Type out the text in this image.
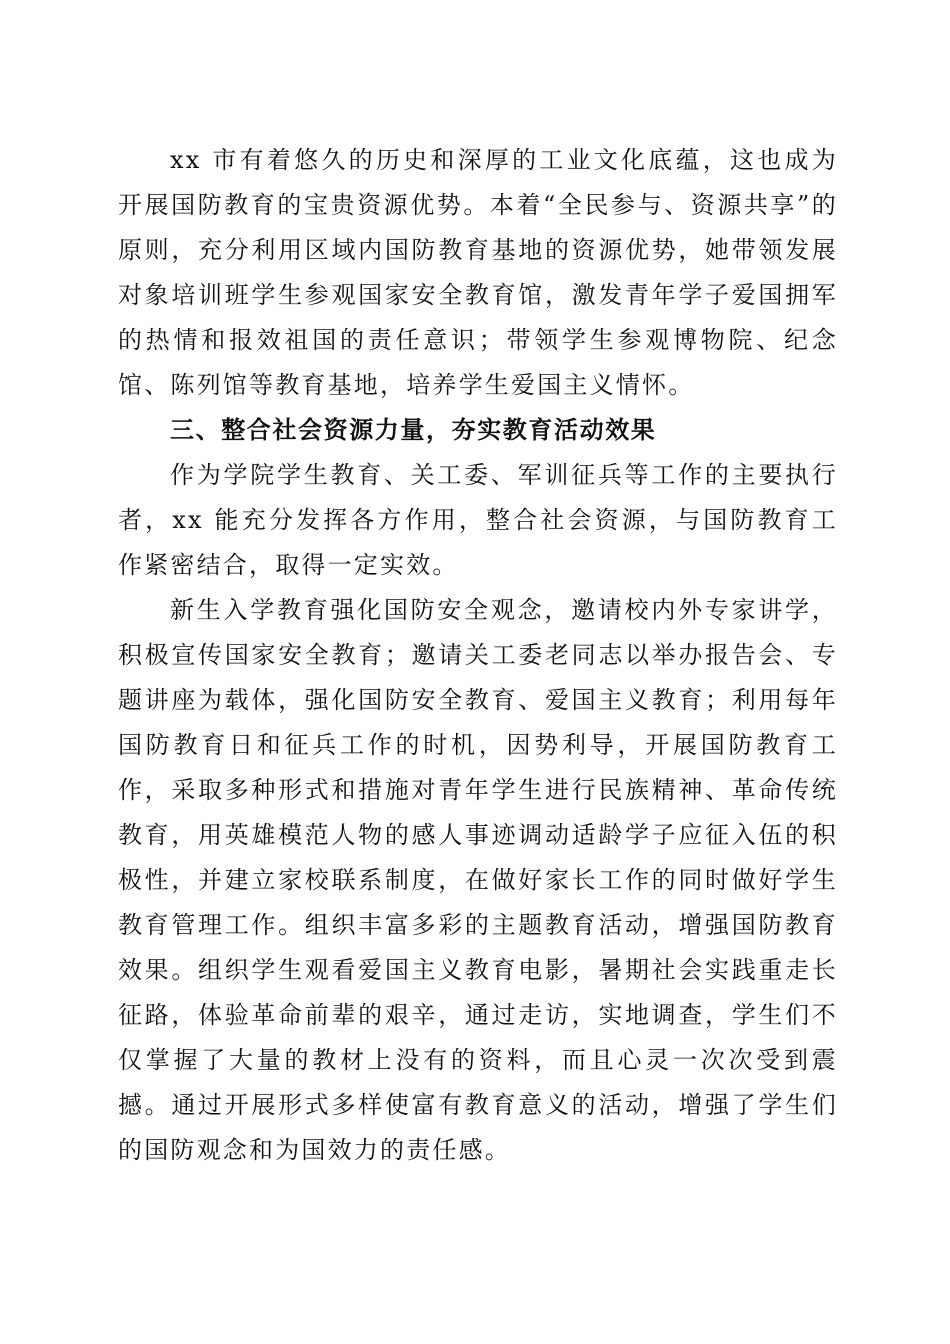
xx 市有着悠久的历史和深厚的工业文化底蕴，这也成为开展国防教育的宝贵资源优势。本着“全民参与、资源共享”的原则，充分利用区域内国防教育基地的资源优势，她带领发展对象培训班学生参观国家安全教育馆，激发青年学子爱国拥军的热情和报效祖国的责任意识；带领学生参观博物院、纪念馆、陈列馆等教育基地，培养学生爱国主义情怀。

三、整合社会资源力量，夯实教育活动效果

作为学院学生教育、关工委、军训征兵等工作的主要执行者，xx 能充分发挥各方作用，整合社会资源，与国防教育工作紧密结合，取得一定实效。

新生入学教育强化国防安全观念，邀请校内外专家讲学，积极宣传国家安全教育；邀请关工委老同志以举办报告会、专题讲座为载体，强化国防安全教育、爱国主义教育；利用每年国防教育日和征兵工作的时机，因势利导，开展国防教育工作，采取多种形式和措施对青年学生进行民族精神、革命传统教育，用英雄模范人物的感人事迹调动适龄学子应征入伍的积极性，并建立家校联系制度，在做好家长工作的同时做好学生教育管理工作。组织丰富多彩的主题教育活动，增强国防教育效果。组织学生观看爱国主义教育电影，暑期社会实践重走长征路，体验革命前辈的艰辛，通过走访，实地调查，学生们不仅掌握了大量的教材上没有的资料，而且心灵一次次受到震撼。通过开展形式多样使富有教育意义的活动，增强了学生们的国防观念和为国效力的责任感。
